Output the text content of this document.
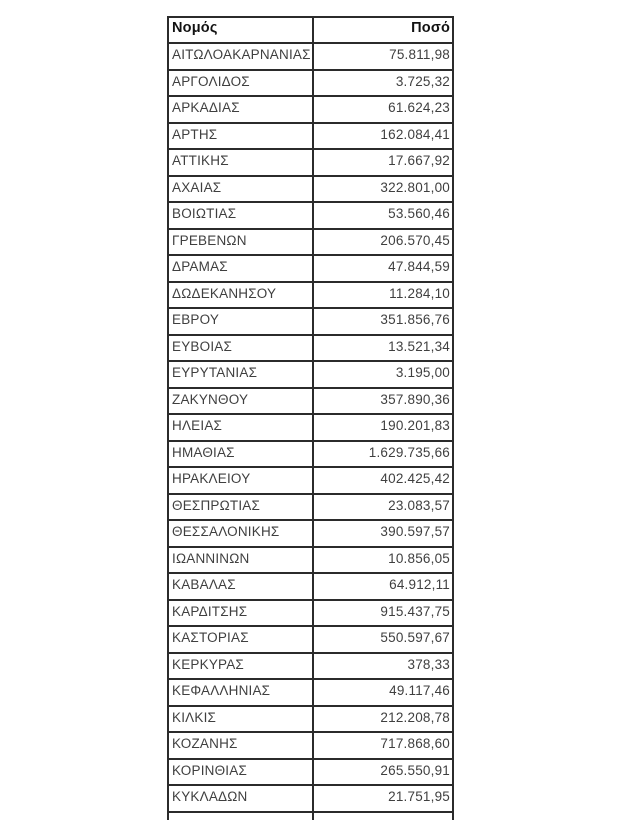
Νομός	Ποσό
ΑΙΤΩΛΟΑΚΑΡΝΑΝΙΑΣ	75.811,98
ΑΡΓΟΛΙΔΟΣ	3.725,32
ΑΡΚΑΔΙΑΣ	61.624,23
ΑΡΤΗΣ	162.084,41
ΑΤΤΙΚΗΣ	17.667,92
ΑΧΑΙΑΣ	322.801,00
ΒΟΙΩΤΙΑΣ	53.560,46
ΓΡΕΒΕΝΩΝ	206.570,45
ΔΡΑΜΑΣ	47.844,59
ΔΩΔΕΚΑΝΗΣΟΥ	11.284,10
ΕΒΡΟΥ	351.856,76
ΕΥΒΟΙΑΣ	13.521,34
ΕΥΡΥΤΑΝΙΑΣ	3.195,00
ΖΑΚΥΝΘΟΥ	357.890,36
ΗΛΕΙΑΣ	190.201,83
ΗΜΑΘΙΑΣ	1.629.735,66
ΗΡΑΚΛΕΙΟΥ	402.425,42
ΘΕΣΠΡΩΤΙΑΣ	23.083,57
ΘΕΣΣΑΛΟΝΙΚΗΣ	390.597,57
ΙΩΑΝΝΙΝΩΝ	10.856,05
ΚΑΒΑΛΑΣ	64.912,11
ΚΑΡΔΙΤΣΗΣ	915.437,75
ΚΑΣΤΟΡΙΑΣ	550.597,67
ΚΕΡΚΥΡΑΣ	378,33
ΚΕΦΑΛΛΗΝΙΑΣ	49.117,46
ΚΙΛΚΙΣ	212.208,78
ΚΟΖΑΝΗΣ	717.868,60
ΚΟΡΙΝΘΙΑΣ	265.550,91
ΚΥΚΛΑΔΩΝ	21.751,95
